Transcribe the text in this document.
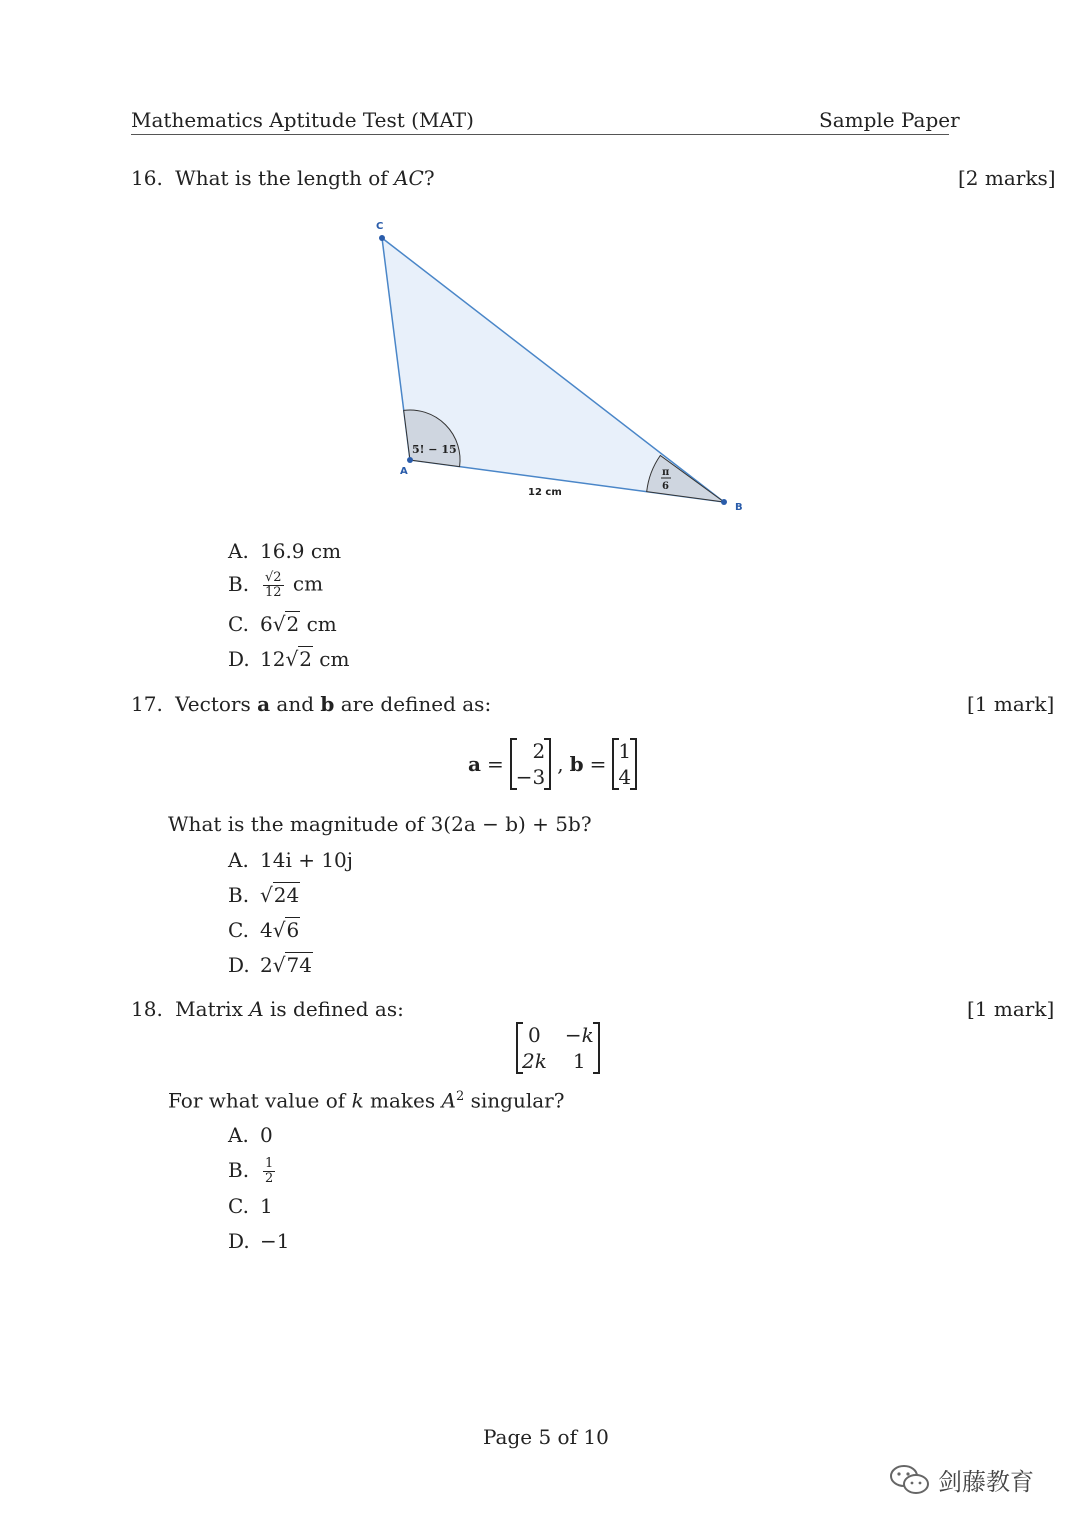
Mathematics Aptitude Test (MAT)	Sample Paper
16. What is the length of AC?	[2 marks]
C
A
B
5! − 15
π
6
12 cm
A. 16.9 cm
B. $\frac{√2}{12}$ cm
C. 6√2 cm
D. 12√2 cm
17. Vectors a and b are defined as:	[1 mark]
a =
2
−3
, b =
1
4
What is the magnitude of 3(2a − b) + 5b?
A. 14i + 10j
B. √24
C. 4√6
D. 2√74
18. Matrix A is defined as:	[1 mark]
0	−k
2k	1
For what value of k makes $A^2$ singular?
A. 0
B. $\frac{1}{2}$
C. 1
D. −1
Page 5 of 10
剑藤教育
